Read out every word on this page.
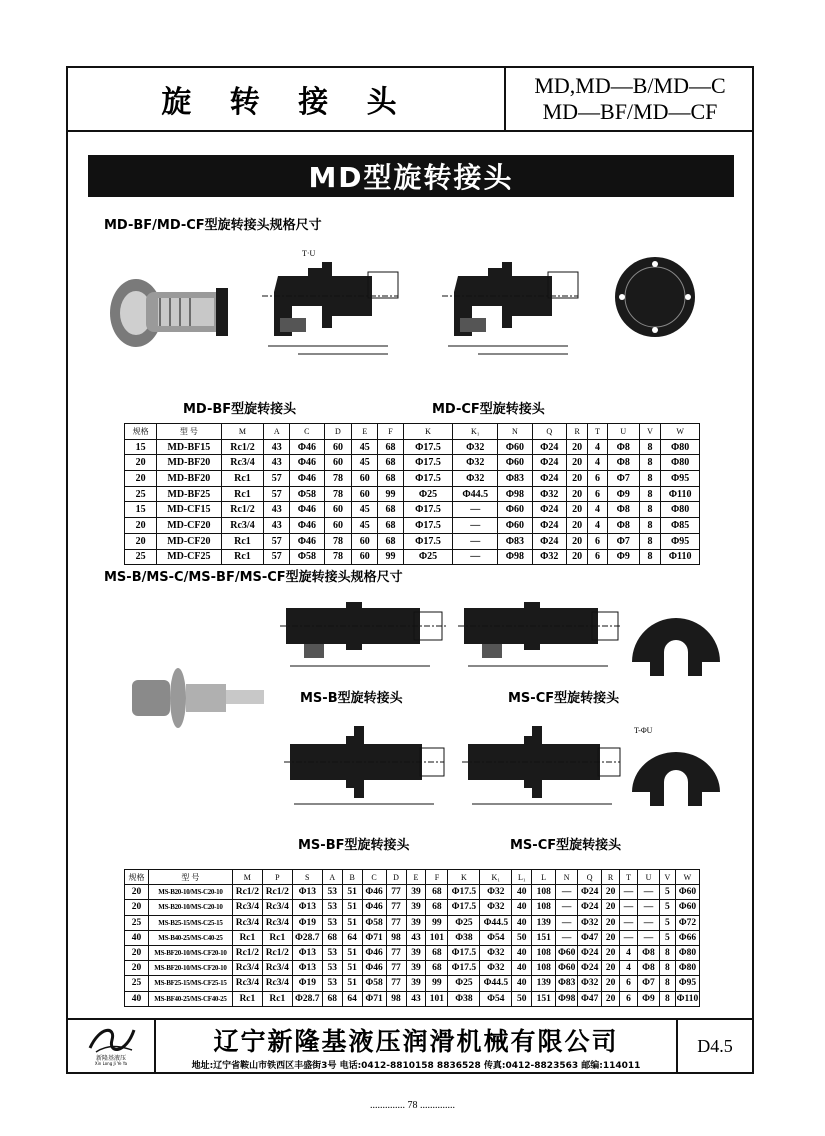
旋 转 接 头	MD,MD—B/MD—C
MD—BF/MD—CF
MD型旋转接头
MD-BF/MD-CF型旋转接头规格尺寸
T·U
MD-BF型旋转接头	MD-CF型旋转接头
规格	型 号	M	A	C	D	E	F	K	K₁	N	Q	R	T	U	V	W
15	MD-BF15	Rc1/2	43	Φ46	60	45	68	Φ17.5	Φ32	Φ60	Φ24	20	4	Φ8	8	Φ80
20	MD-BF20	Rc3/4	43	Φ46	60	45	68	Φ17.5	Φ32	Φ60	Φ24	20	4	Φ8	8	Φ80
20	MD-BF20	Rc1	57	Φ46	78	60	68	Φ17.5	Φ32	Φ83	Φ24	20	6	Φ7	8	Φ95
25	MD-BF25	Rc1	57	Φ58	78	60	99	Φ25	Φ44.5	Φ98	Φ32	20	6	Φ9	8	Φ110
15	MD-CF15	Rc1/2	43	Φ46	60	45	68	Φ17.5	—	Φ60	Φ24	20	4	Φ8	8	Φ80
20	MD-CF20	Rc3/4	43	Φ46	60	45	68	Φ17.5	—	Φ60	Φ24	20	4	Φ8	8	Φ85
20	MD-CF20	Rc1	57	Φ46	78	60	68	Φ17.5	—	Φ83	Φ24	20	6	Φ7	8	Φ95
25	MD-CF25	Rc1	57	Φ58	78	60	99	Φ25	—	Φ98	Φ32	20	6	Φ9	8	Φ110
MS-B/MS-C/MS-BF/MS-CF型旋转接头规格尺寸
MS-B型旋转接头	MS-CF型旋转接头
T-ΦU
MS-BF型旋转接头	MS-CF型旋转接头
规格	型 号	M	P	S	A	B	C	D	E	F	K	K₁	L₁	L	N	Q	R	T	U	V	W
20	MS-B20-10/MS-C20-10	Rc1/2	Rc1/2	Φ13	53	51	Φ46	77	39	68	Φ17.5	Φ32	40	108	—	Φ24	20	—	—	5	Φ60
20	MS-B20-10/MS-C20-10	Rc3/4	Rc3/4	Φ13	53	51	Φ46	77	39	68	Φ17.5	Φ32	40	108	—	Φ24	20	—	—	5	Φ60
25	MS-B25-15/MS-C25-15	Rc3/4	Rc3/4	Φ19	53	51	Φ58	77	39	99	Φ25	Φ44.5	40	139	—	Φ32	20	—	—	5	Φ72
40	MS-B40-25/MS-C40-25	Rc1	Rc1	Φ28.7	68	64	Φ71	98	43	101	Φ38	Φ54	50	151	—	Φ47	20	—	—	5	Φ66
20	MS-BF20-10/MS-CF20-10	Rc1/2	Rc1/2	Φ13	53	51	Φ46	77	39	68	Φ17.5	Φ32	40	108	Φ60	Φ24	20	4	Φ8	8	Φ80
20	MS-BF20-10/MS-CF20-10	Rc3/4	Rc3/4	Φ13	53	51	Φ46	77	39	68	Φ17.5	Φ32	40	108	Φ60	Φ24	20	4	Φ8	8	Φ80
25	MS-BF25-15/MS-CF25-15	Rc3/4	Rc3/4	Φ19	53	51	Φ58	77	39	99	Φ25	Φ44.5	40	139	Φ83	Φ32	20	6	Φ7	8	Φ95
40	MS-BF40-25/MS-CF40-25	Rc1	Rc1	Φ28.7	68	64	Φ71	98	43	101	Φ38	Φ54	50	151	Φ98	Φ47	20	6	Φ9	8	Φ110
新隆基液压
Xin Long Ji Ye Ya
辽宁新隆基液压润滑机械有限公司
地址:辽宁省鞍山市铁西区丰盛街3号 电话:0412-8810158 8836528 传真:0412-8823563 邮编:114011
D4.5
.............. 78 ..............
